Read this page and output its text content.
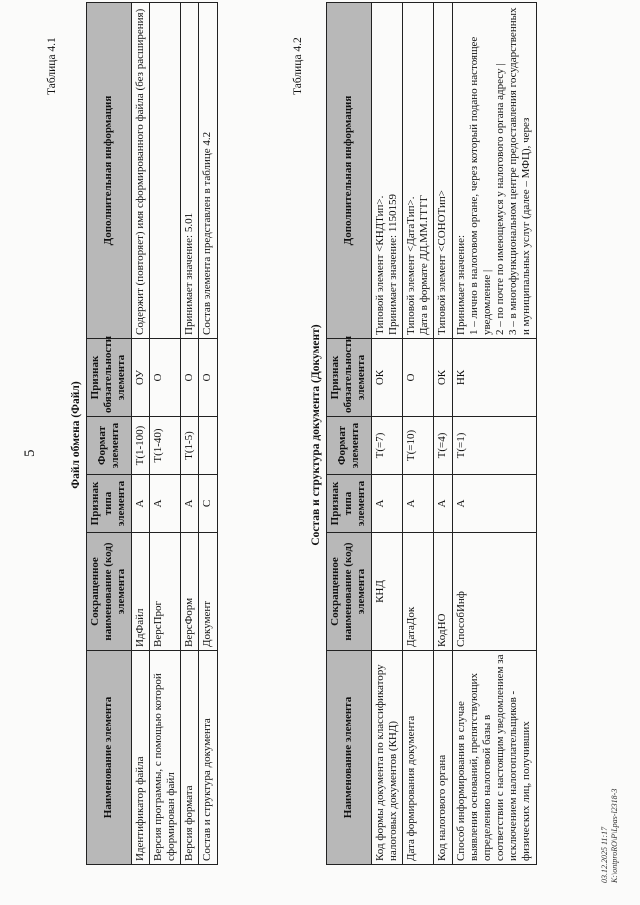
5
Таблица 4.1
Файл обмена (Файл)
Наименование элемента	Сокращенное наименование (код) элемента	Признак типа элемента	Формат элемента	Признак обязательности элемента	Дополнительная информация
Идентификатор файла	ИдФайл	А	T(1-100)	ОУ	Содержит (повторяет) имя сформированного файла (без расширения)
Версия программы, с помощью которой сформирован файл	ВерсПрог	А	T(1-40)	О	
Версия формата	ВерсФорм	А	T(1-5)	О	Принимает значение: 5.01
Состав и структура документа	Документ	С		О	Состав элемента представлен в таблице 4.2
Таблица 4.2
Состав и структура документа (Документ)
Наименование элемента	Сокращенное наименование (код) элемента	Признак типа элемента	Формат элемента	Признак обязательности элемента	Дополнительная информация
Код формы документа по классификатору налоговых документов (КНД)	КНД	А	T(=7)	ОК	Типовой элемент <КНДТип>.
Принимает значение: 1150159
Дата формирования документа	ДатаДок	А	T(=10)	О	Типовой элемент <ДатаТип>.
Дата в формате ДД.ММ.ГГГГ
Код налогового органа	КодНО	А	T(=4)	ОК	Типовой элемент <СОНОТип>
Способ информирования в случае выявления оснований, препятствующих определению налоговой базы в соответствии с настоящим уведомлением за исключением налогоплательщиков - физических лиц, получивших	СпособИнф	А	T(=1)	НК	Принимает значение:
1 – лично в налоговом органе, через который подано настоящее уведомление |
2 – по почте по имеющемуся у налогового органа адресу |
3 – в многофункциональном центре предоставления государственных и муниципальных услуг (далее – МФЦ), через
03.12.2025 11:17 К:\ontproRO\Р\Lpas-l2318-3
